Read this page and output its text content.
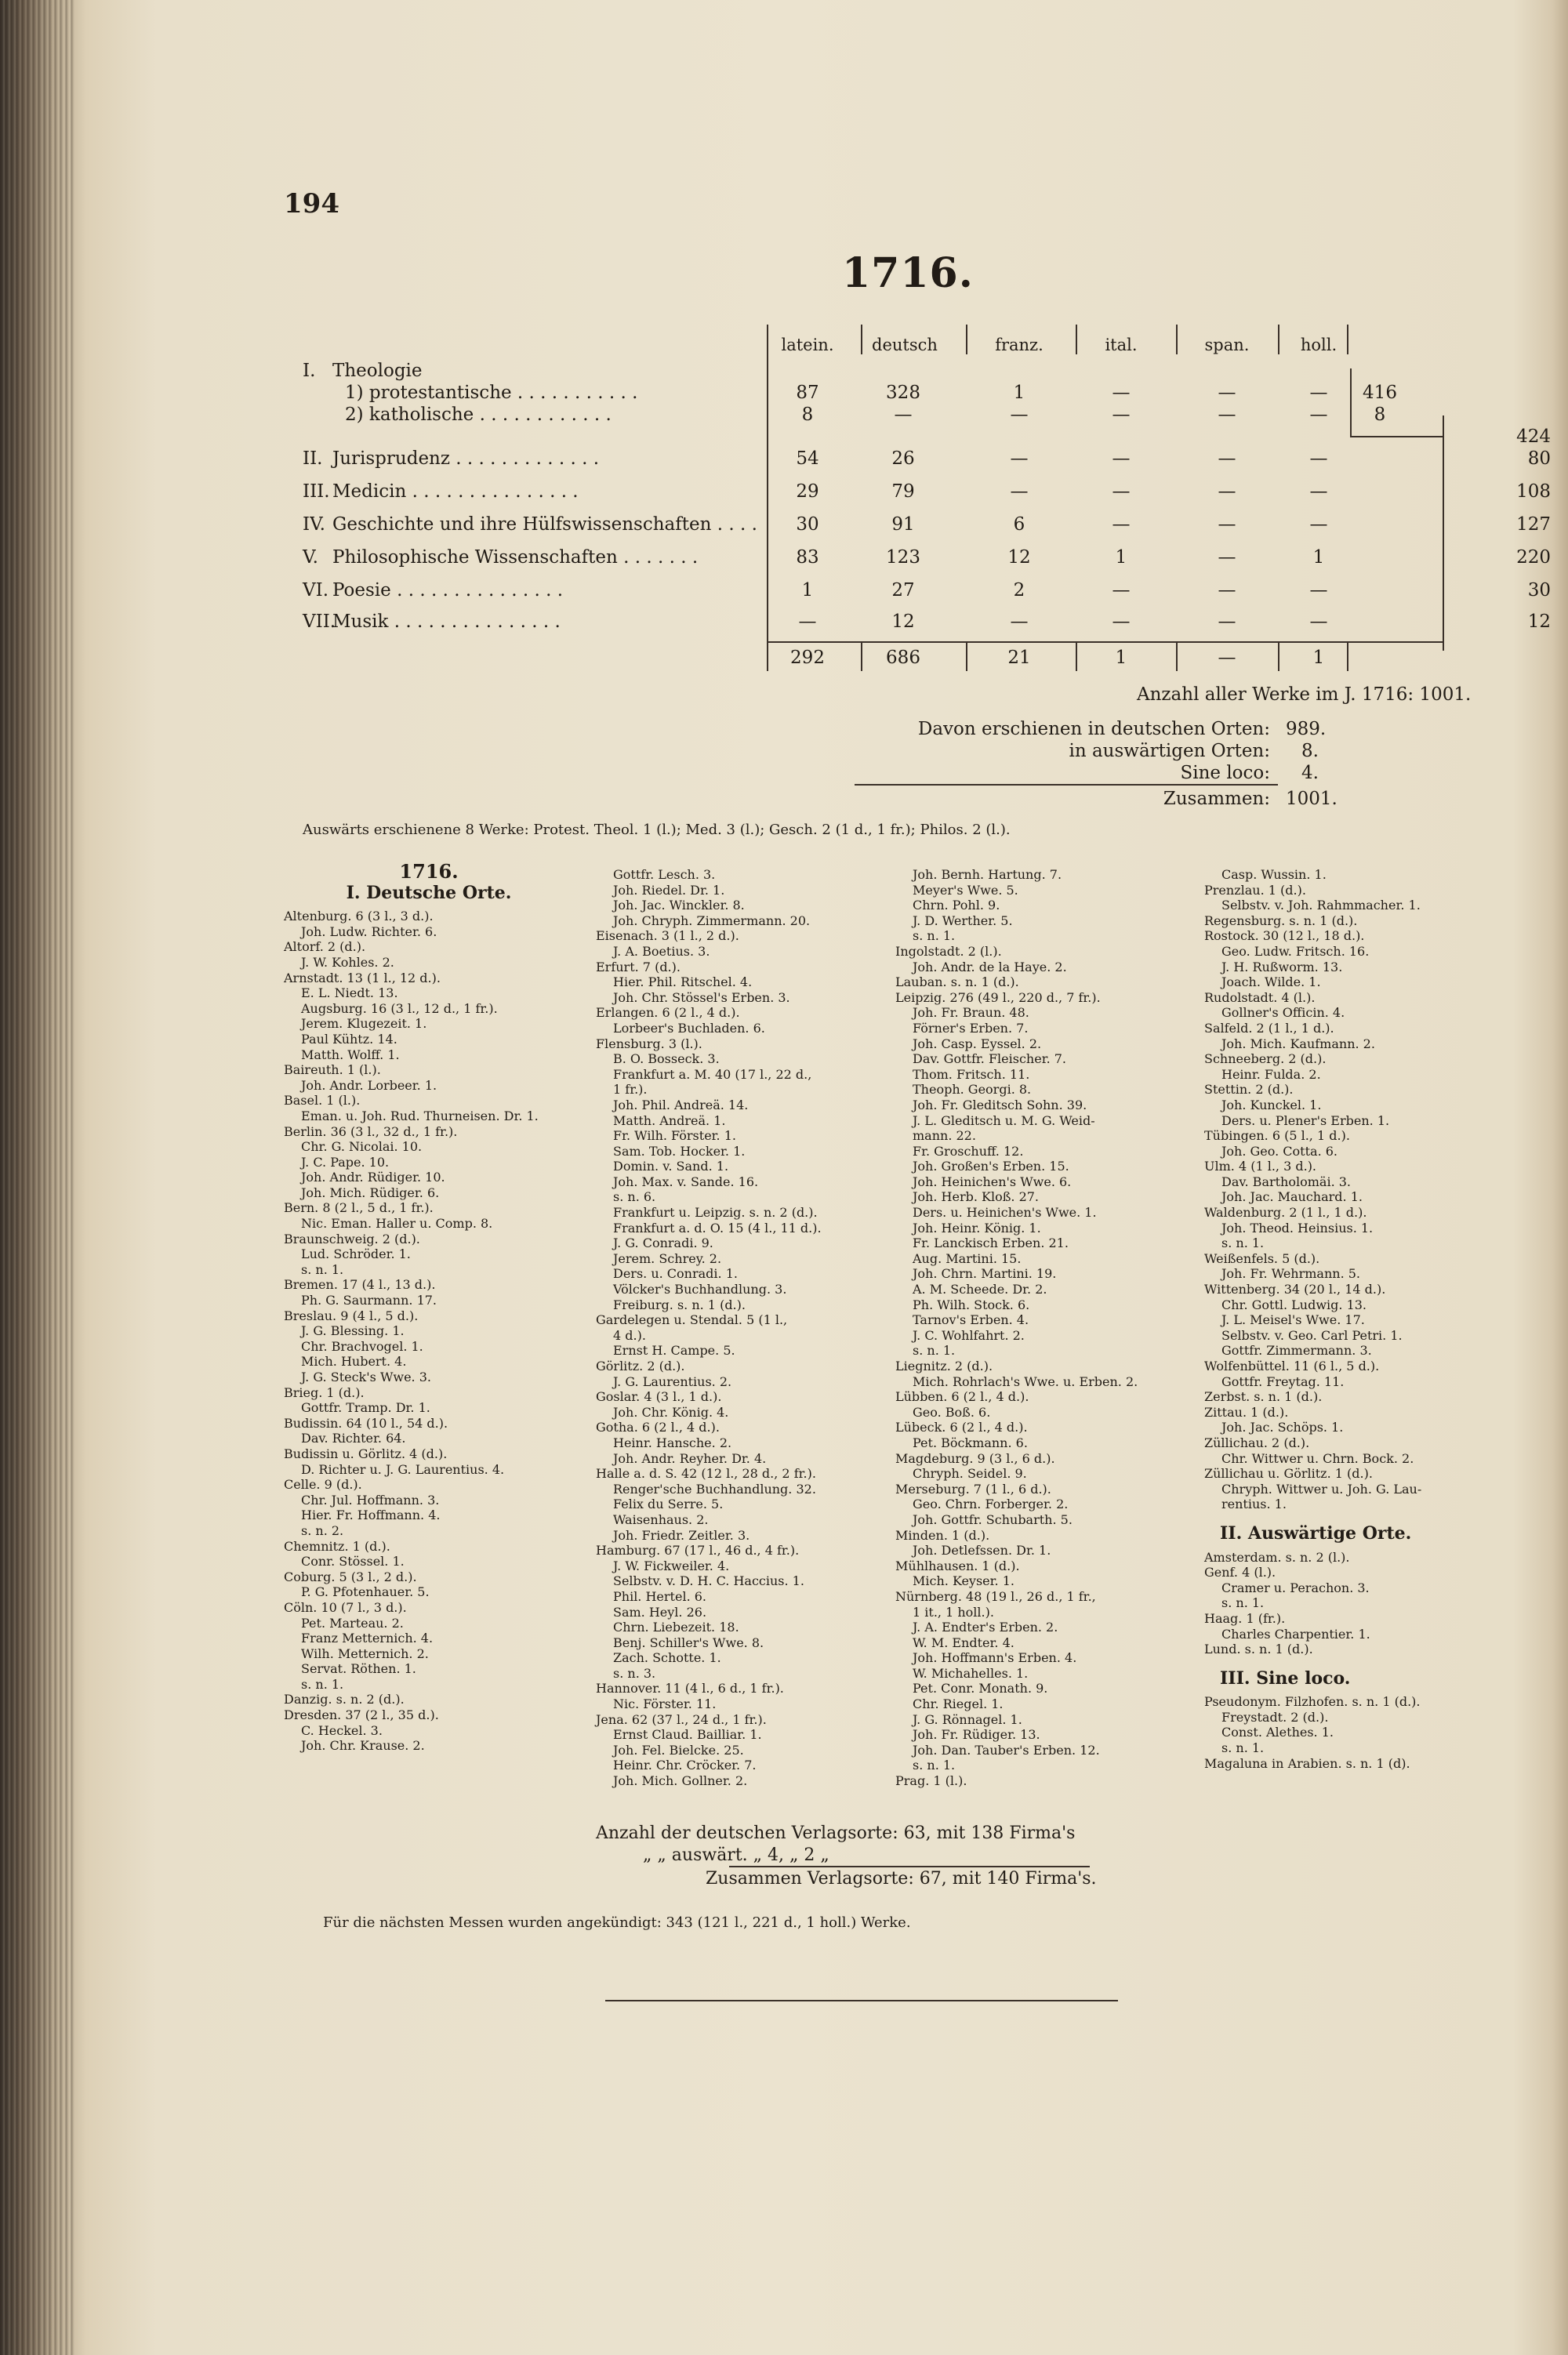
194
1716.
latein.	deutsch	franz.	ital.	span.	holl.
I. Theologie
1) protestantische . . . . . . . . . . .	87	328	1	—	—	—	416
2) katholische . . . . . . . . . . . .	8	—	—	—	—	—	8
424
II. Jurisprudenz . . . . . . . . . . . . .	54	26	—	—	—	—	80
III. Medicin . . . . . . . . . . . . . . .	29	79	—	—	—	—	108
IV. Geschichte und ihre Hülfswissenschaften . . . .	30	91	6	—	—	—	127
V. Philosophische Wissenschaften . . . . . . .	83	123	12	1	—	1	220
VI. Poesie . . . . . . . . . . . . . . .	1	27	2	—	—	—	30
VII.
Musik . . . . . . . . . . . . . . .	—	12	—	—	—	—	12
292	686	21	1	—	1
Anzahl aller Werke im J. 1716: 1001.
Davon erschienen in deutschen Orten: 989.
in auswärtigen Orten: 8.
Sine loco: 4.
Zusammen: 1001.
Auswärts erschienene 8 Werke: Protest. Theol. 1 (l.); Med. 3 (l.); Gesch. 2 (1 d., 1 fr.); Philos. 2 (l.).
1716.
I. Deutsche Orte.
Altenburg. 6 (3 l., 3 d.).
Joh. Ludw. Richter. 6.
Altorf. 2 (d.).
J. W. Kohles. 2.
Arnstadt. 13 (1 l., 12 d.).
E. L. Niedt. 13.
Augsburg. 16 (3 l., 12 d., 1 fr.).
Jerem. Klugezeit. 1.
Paul Kühtz. 14.
Matth. Wolff. 1.
Baireuth. 1 (l.).
Joh. Andr. Lorbeer. 1.
Basel. 1 (l.).
Eman. u. Joh. Rud. Thurneisen. Dr. 1.
Berlin. 36 (3 l., 32 d., 1 fr.).
Chr. G. Nicolai. 10.
J. C. Pape. 10.
Joh. Andr. Rüdiger. 10.
Joh. Mich. Rüdiger. 6.
Bern. 8 (2 l., 5 d., 1 fr.).
Nic. Eman. Haller u. Comp. 8.
Braunschweig. 2 (d.).
Lud. Schröder. 1.
s. n. 1.
Bremen. 17 (4 l., 13 d.).
Ph. G. Saurmann. 17.
Breslau. 9 (4 l., 5 d.).
J. G. Blessing. 1.
Chr. Brachvogel. 1.
Mich. Hubert. 4.
J. G. Steck's Wwe. 3.
Brieg. 1 (d.).
Gottfr. Tramp. Dr. 1.
Budissin. 64 (10 l., 54 d.).
Dav. Richter. 64.
Budissin u. Görlitz. 4 (d.).
D. Richter u. J. G. Laurentius. 4.
Celle. 9 (d.).
Chr. Jul. Hoffmann. 3.
Hier. Fr. Hoffmann. 4.
s. n. 2.
Chemnitz. 1 (d.).
Conr. Stössel. 1.
Coburg. 5 (3 l., 2 d.).
P. G. Pfotenhauer. 5.
Cöln. 10 (7 l., 3 d.).
Pet. Marteau. 2.
Franz Metternich. 4.
Wilh. Metternich. 2.
Servat. Röthen. 1.
s. n. 1.
Danzig. s. n. 2 (d.).
Dresden. 37 (2 l., 35 d.).
C. Heckel. 3.
Joh. Chr. Krause. 2.
Gottfr. Lesch. 3.
Joh. Riedel. Dr. 1.
Joh. Jac. Winckler. 8.
Joh. Chryph. Zimmermann. 20.
Eisenach. 3 (1 l., 2 d.).
J. A. Boetius. 3.
Erfurt. 7 (d.).
Hier. Phil. Ritschel. 4.
Joh. Chr. Stössel's Erben. 3.
Erlangen. 6 (2 l., 4 d.).
Lorbeer's Buchladen. 6.
Flensburg. 3 (l.).
B. O. Bosseck. 3.
Frankfurt a. M. 40 (17 l., 22 d.,
1 fr.).
Joh. Phil. Andreä. 14.
Matth. Andreä. 1.
Fr. Wilh. Förster. 1.
Sam. Tob. Hocker. 1.
Domin. v. Sand. 1.
Joh. Max. v. Sande. 16.
s. n. 6.
Frankfurt u. Leipzig. s. n. 2 (d.).
Frankfurt a. d. O. 15 (4 l., 11 d.).
J. G. Conradi. 9.
Jerem. Schrey. 2.
Ders. u. Conradi. 1.
Völcker's Buchhandlung. 3.
Freiburg. s. n. 1 (d.).
Gardelegen u. Stendal. 5 (1 l.,
4 d.).
Ernst H. Campe. 5.
Görlitz. 2 (d.).
J. G. Laurentius. 2.
Goslar. 4 (3 l., 1 d.).
Joh. Chr. König. 4.
Gotha. 6 (2 l., 4 d.).
Heinr. Hansche. 2.
Joh. Andr. Reyher. Dr. 4.
Halle a. d. S. 42 (12 l., 28 d., 2 fr.).
Renger'sche Buchhandlung. 32.
Felix du Serre. 5.
Waisenhaus. 2.
Joh. Friedr. Zeitler. 3.
Hamburg. 67 (17 l., 46 d., 4 fr.).
J. W. Fickweiler. 4.
Selbstv. v. D. H. C. Haccius. 1.
Phil. Hertel. 6.
Sam. Heyl. 26.
Chrn. Liebezeit. 18.
Benj. Schiller's Wwe. 8.
Zach. Schotte. 1.
s. n. 3.
Hannover. 11 (4 l., 6 d., 1 fr.).
Nic. Förster. 11.
Jena. 62 (37 l., 24 d., 1 fr.).
Ernst Claud. Bailliar. 1.
Joh. Fel. Bielcke. 25.
Heinr. Chr. Cröcker. 7.
Joh. Mich. Gollner. 2.
Joh. Bernh. Hartung. 7.
Meyer's Wwe. 5.
Chrn. Pohl. 9.
J. D. Werther. 5.
s. n. 1.
Ingolstadt. 2 (l.).
Joh. Andr. de la Haye. 2.
Lauban. s. n. 1 (d.).
Leipzig. 276 (49 l., 220 d., 7 fr.).
Joh. Fr. Braun. 48.
Förner's Erben. 7.
Joh. Casp. Eyssel. 2.
Dav. Gottfr. Fleischer. 7.
Thom. Fritsch. 11.
Theoph. Georgi. 8.
Joh. Fr. Gleditsch Sohn. 39.
J. L. Gleditsch u. M. G. Weid-
mann. 22.
Fr. Groschuff. 12.
Joh. Großen's Erben. 15.
Joh. Heinichen's Wwe. 6.
Joh. Herb. Kloß. 27.
Ders. u. Heinichen's Wwe. 1.
Joh. Heinr. König. 1.
Fr. Lanckisch Erben. 21.
Aug. Martini. 15.
Joh. Chrn. Martini. 19.
A. M. Scheede. Dr. 2.
Ph. Wilh. Stock. 6.
Tarnov's Erben. 4.
J. C. Wohlfahrt. 2.
s. n. 1.
Liegnitz. 2 (d.).
Mich. Rohrlach's Wwe. u. Erben. 2.
Lübben. 6 (2 l., 4 d.).
Geo. Boß. 6.
Lübeck. 6 (2 l., 4 d.).
Pet. Böckmann. 6.
Magdeburg. 9 (3 l., 6 d.).
Chryph. Seidel. 9.
Merseburg. 7 (1 l., 6 d.).
Geo. Chrn. Forberger. 2.
Joh. Gottfr. Schubarth. 5.
Minden. 1 (d.).
Joh. Detlefssen. Dr. 1.
Mühlhausen. 1 (d.).
Mich. Keyser. 1.
Nürnberg. 48 (19 l., 26 d., 1 fr.,
1 it., 1 holl.).
J. A. Endter's Erben. 2.
W. M. Endter. 4.
Joh. Hoffmann's Erben. 4.
W. Michahelles. 1.
Pet. Conr. Monath. 9.
Chr. Riegel. 1.
J. G. Rönnagel. 1.
Joh. Fr. Rüdiger. 13.
Joh. Dan. Tauber's Erben. 12.
s. n. 1.
Prag. 1 (l.).
Casp. Wussin. 1.
Prenzlau. 1 (d.).
Selbstv. v. Joh. Rahmmacher. 1.
Regensburg. s. n. 1 (d.).
Rostock. 30 (12 l., 18 d.).
Geo. Ludw. Fritsch. 16.
J. H. Rußworm. 13.
Joach. Wilde. 1.
Rudolstadt. 4 (l.).
Gollner's Officin. 4.
Salfeld. 2 (1 l., 1 d.).
Joh. Mich. Kaufmann. 2.
Schneeberg. 2 (d.).
Heinr. Fulda. 2.
Stettin. 2 (d.).
Joh. Kunckel. 1.
Ders. u. Plener's Erben. 1.
Tübingen. 6 (5 l., 1 d.).
Joh. Geo. Cotta. 6.
Ulm. 4 (1 l., 3 d.).
Dav. Bartholomäi. 3.
Joh. Jac. Mauchard. 1.
Waldenburg. 2 (1 l., 1 d.).
Joh. Theod. Heinsius. 1.
s. n. 1.
Weißenfels. 5 (d.).
Joh. Fr. Wehrmann. 5.
Wittenberg. 34 (20 l., 14 d.).
Chr. Gottl. Ludwig. 13.
J. L. Meisel's Wwe. 17.
Selbstv. v. Geo. Carl Petri. 1.
Gottfr. Zimmermann. 3.
Wolfenbüttel. 11 (6 l., 5 d.).
Gottfr. Freytag. 11.
Zerbst. s. n. 1 (d.).
Zittau. 1 (d.).
Joh. Jac. Schöps. 1.
Züllichau. 2 (d.).
Chr. Wittwer u. Chrn. Bock. 2.
Züllichau u. Görlitz. 1 (d.).
Chryph. Wittwer u. Joh. G. Lau-
rentius. 1.
II. Auswärtige Orte.
Amsterdam. s. n. 2 (l.).
Genf. 4 (l.).
Cramer u. Perachon. 3.
s. n. 1.
Haag. 1 (fr.).
Charles Charpentier. 1.
Lund. s. n. 1 (d.).
III. Sine loco.
Pseudonym. Filzhofen. s. n. 1 (d.).
Freystadt. 2 (d.).
Const. Alethes. 1.
s. n. 1.
Magaluna in Arabien. s. n. 1 (d).
Anzahl der deutschen Verlagsorte: 63, mit 138 Firma's
„ „ auswärt. „ 4, „ 2 „
Zusammen Verlagsorte: 67, mit 140 Firma's.
Für die nächsten Messen wurden angekündigt: 343 (121 l., 221 d., 1 holl.) Werke.
